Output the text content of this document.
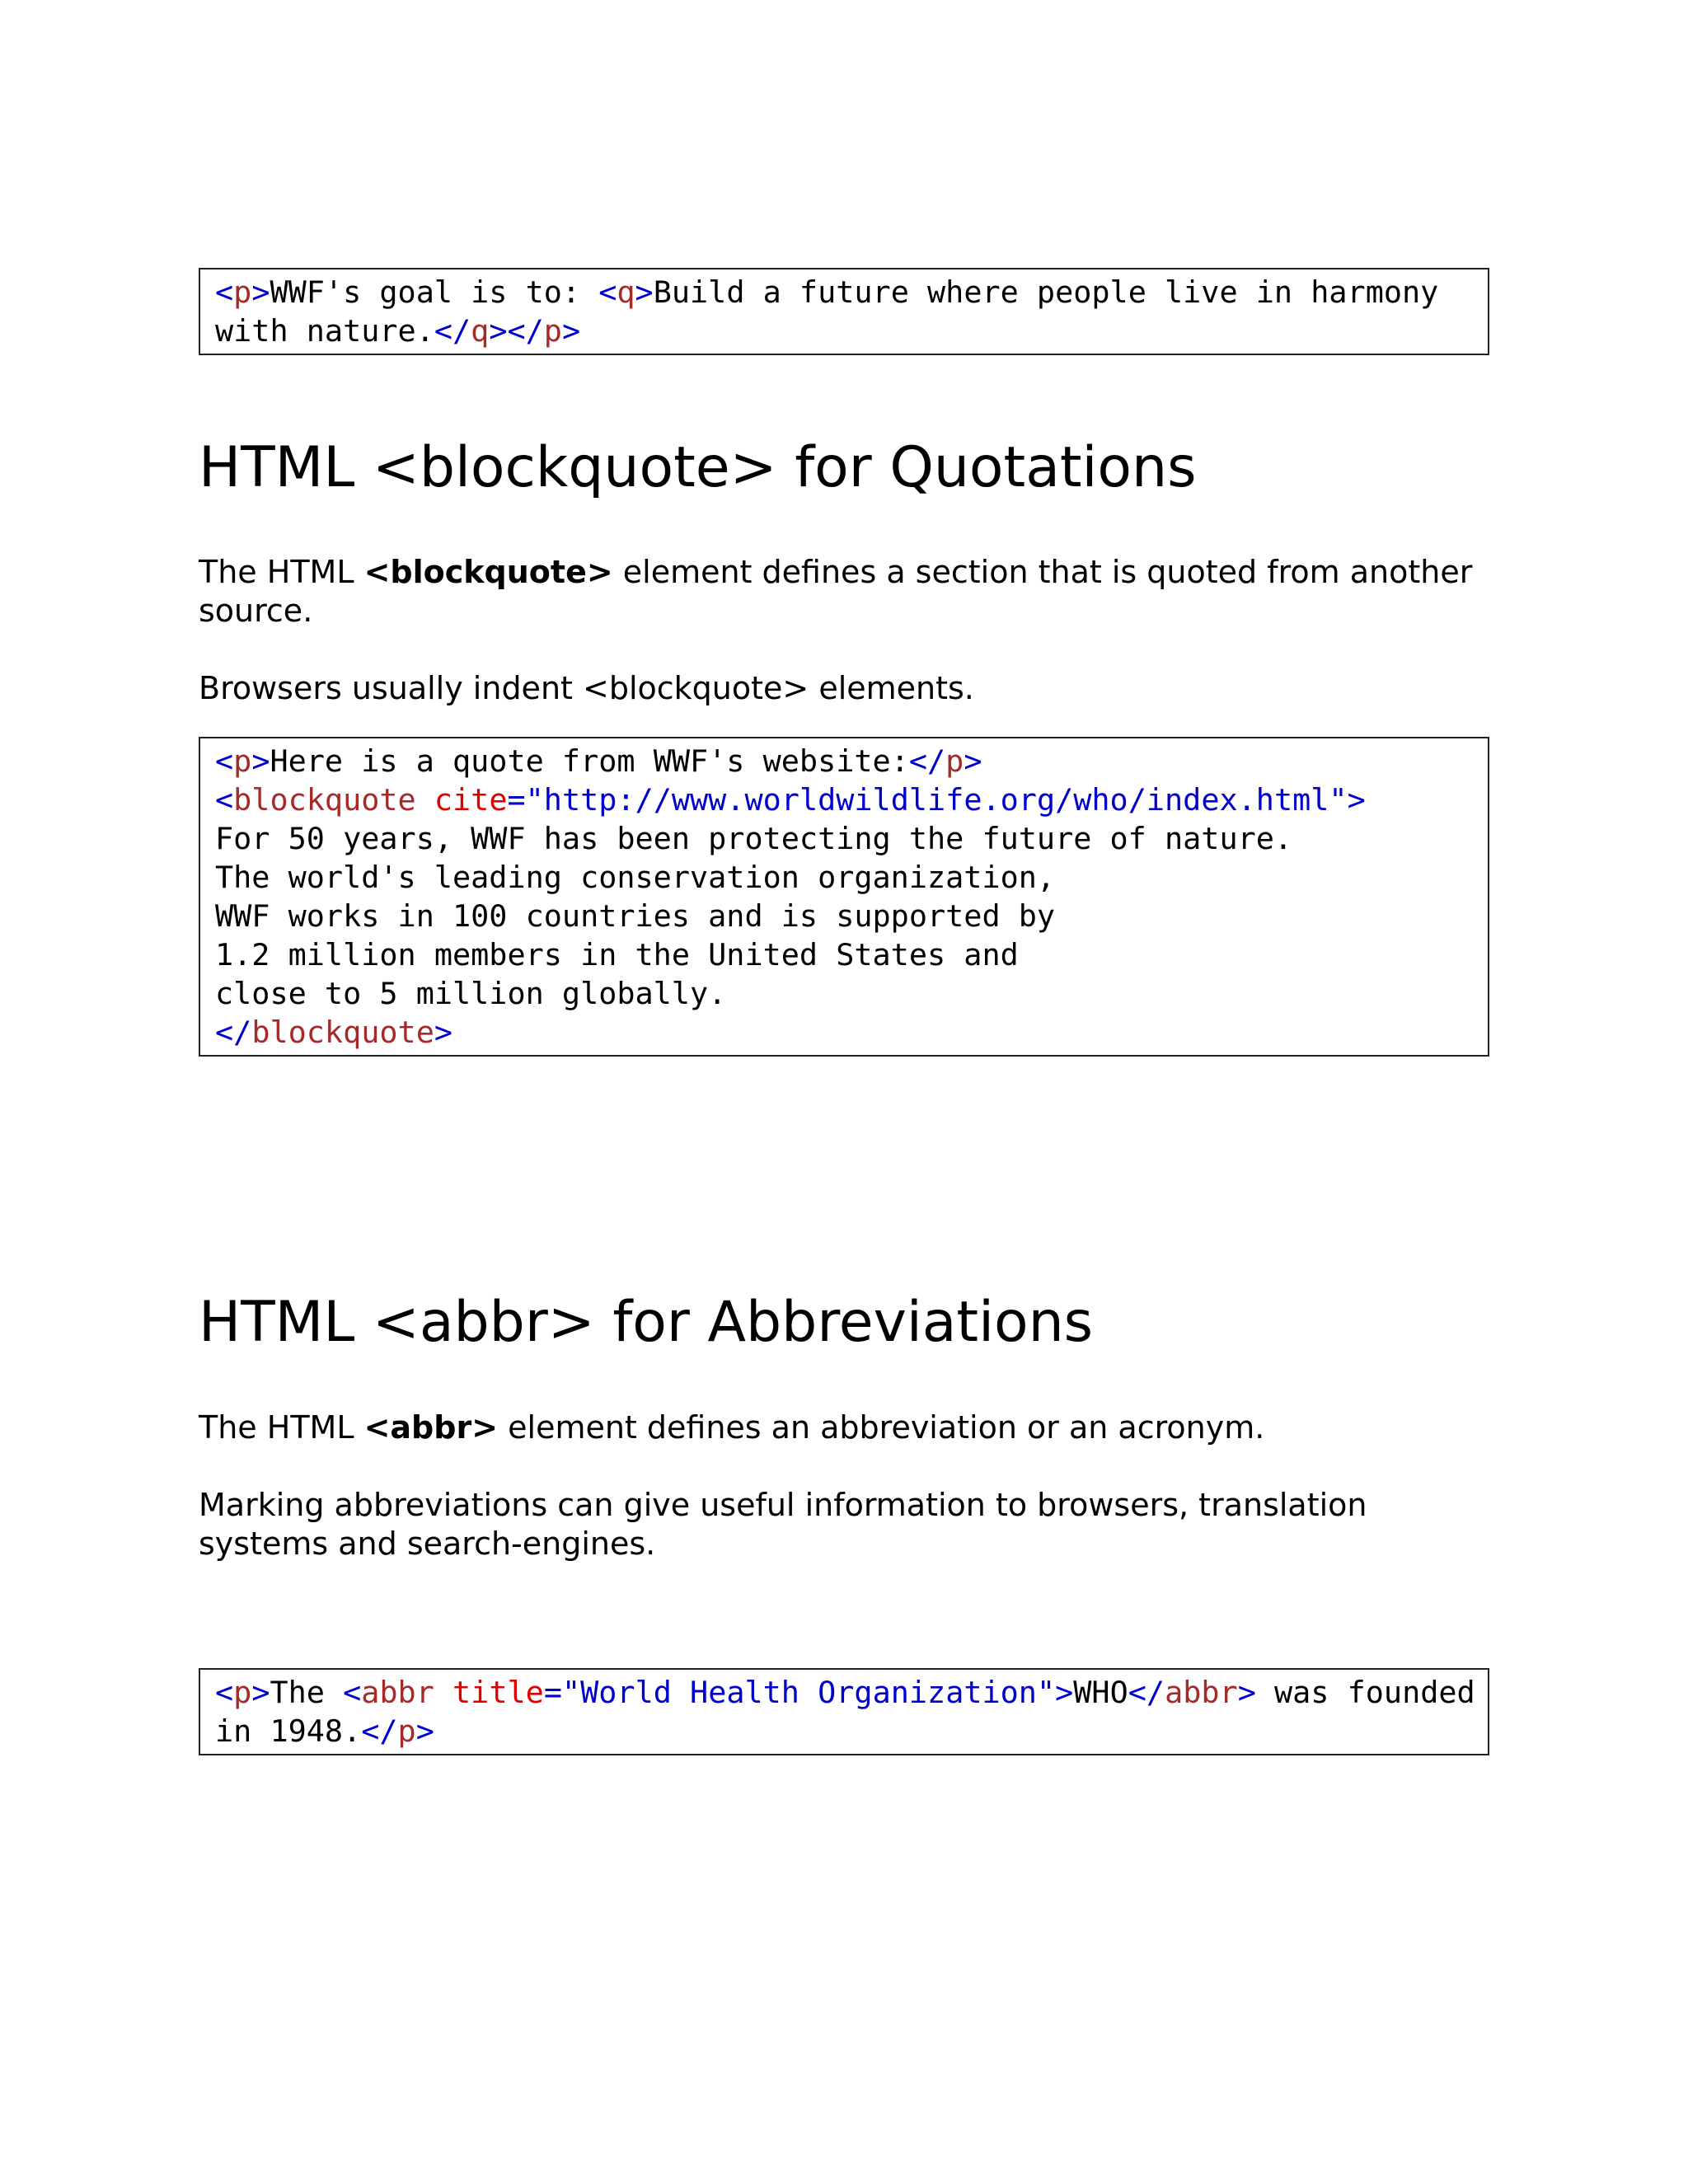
<p>WWF's goal is to: <q>Build a future where people live in harmony
with nature.</q></p>
HTML <blockquote> for Quotations

The HTML <blockquote> element defines a section that is quoted from another source.

Browsers usually indent <blockquote> elements.

<p>Here is a quote from WWF's website:</p>
<blockquote cite="http://www.worldwildlife.org/who/index.html">
For 50 years, WWF has been protecting the future of nature.
The world's leading conservation organization,
WWF works in 100 countries and is supported by
1.2 million members in the United States and
close to 5 million globally.
</blockquote>
HTML <abbr> for Abbreviations

The HTML <abbr> element defines an abbreviation or an acronym.

Marking abbreviations can give useful information to browsers, translation systems and search-engines.

<p>The <abbr title="World Health Organization">WHO</abbr> was founded
in 1948.</p>
